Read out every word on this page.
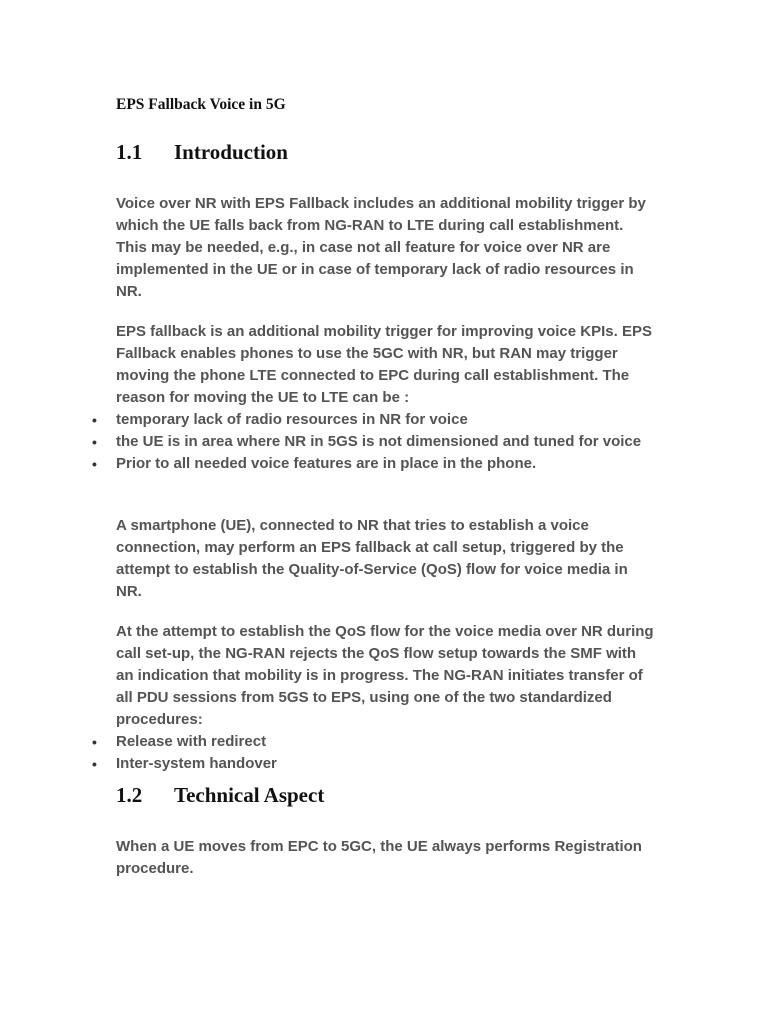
EPS Fallback Voice in 5G
1.1 Introduction

Voice over NR with EPS Fallback includes an additional mobility trigger by which the UE falls back from NG-RAN to LTE during call establishment. This may be needed, e.g., in case not all feature for voice over NR are implemented in the UE or in case of temporary lack of radio resources in NR.

EPS fallback is an additional mobility trigger for improving voice KPIs. EPS Fallback enables phones to use the 5GC with NR, but RAN may trigger moving the phone LTE connected to EPC during call establishment. The reason for moving the UE to LTE can be :

• temporary lack of radio resources in NR for voice
• the UE is in area where NR in 5GS is not dimensioned and tuned for voice
• Prior to all needed voice features are in place in the phone.

A smartphone (UE), connected to NR that tries to establish a voice connection, may perform an EPS fallback at call setup, triggered by the attempt to establish the Quality-of-Service (QoS) flow for voice media in NR.

At the attempt to establish the QoS flow for the voice media over NR during call set-up, the NG-RAN rejects the QoS flow setup towards the SMF with an indication that mobility is in progress. The NG-RAN initiates transfer of all PDU sessions from 5GS to EPS, using one of the two standardized procedures:

• Release with redirect
• Inter-system handover
1.2 Technical Aspect

When a UE moves from EPC to 5GC, the UE always performs Registration procedure.
